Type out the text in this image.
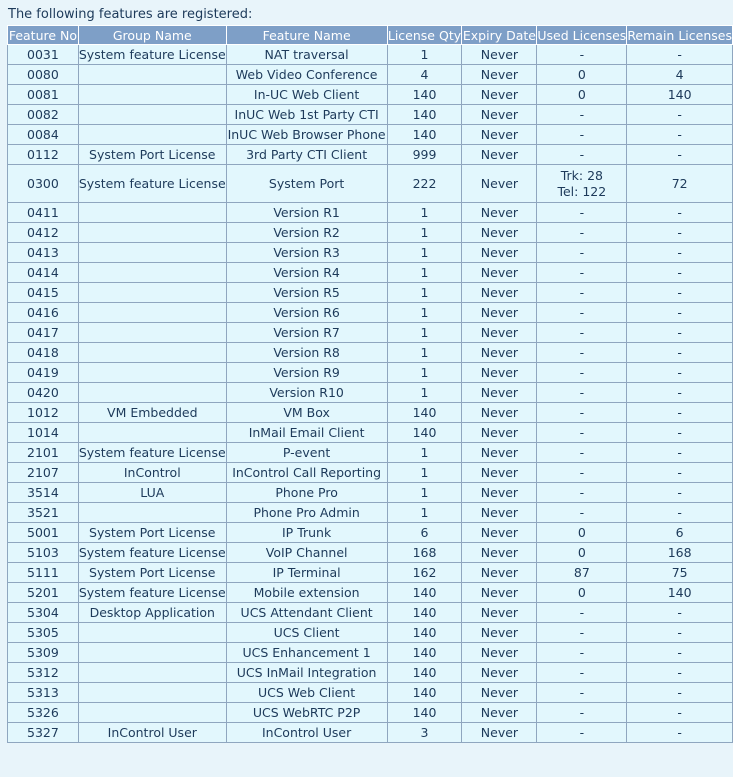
The following features are registered:
Feature No	Group Name	Feature Name	License Qty	Expiry Date	Used Licenses	Remain Licenses
0031	System feature License	NAT traversal	1	Never	-	-
0080		Web Video Conference	4	Never	0	4
0081		In-UC Web Client	140	Never	0	140
0082		InUC Web 1st Party CTI	140	Never	-	-
0084		InUC Web Browser Phone	140	Never	-	-
0112	System Port License	3rd Party CTI Client	999	Never	-	-
0300	System feature License	System Port	222	Never	Trk: 28
Tel: 122	72
0411		Version R1	1	Never	-	-
0412		Version R2	1	Never	-	-
0413		Version R3	1	Never	-	-
0414		Version R4	1	Never	-	-
0415		Version R5	1	Never	-	-
0416		Version R6	1	Never	-	-
0417		Version R7	1	Never	-	-
0418		Version R8	1	Never	-	-
0419		Version R9	1	Never	-	-
0420		Version R10	1	Never	-	-
1012	VM Embedded	VM Box	140	Never	-	-
1014		InMail Email Client	140	Never	-	-
2101	System feature License	P-event	1	Never	-	-
2107	InControl	InControl Call Reporting	1	Never	-	-
3514	LUA	Phone Pro	1	Never	-	-
3521		Phone Pro Admin	1	Never	-	-
5001	System Port License	IP Trunk	6	Never	0	6
5103	System feature License	VoIP Channel	168	Never	0	168
5111	System Port License	IP Terminal	162	Never	87	75
5201	System feature License	Mobile extension	140	Never	0	140
5304	Desktop Application	UCS Attendant Client	140	Never	-	-
5305		UCS Client	140	Never	-	-
5309		UCS Enhancement 1	140	Never	-	-
5312		UCS InMail Integration	140	Never	-	-
5313		UCS Web Client	140	Never	-	-
5326		UCS WebRTC P2P	140	Never	-	-
5327	InControl User	InControl User	3	Never	-	-
